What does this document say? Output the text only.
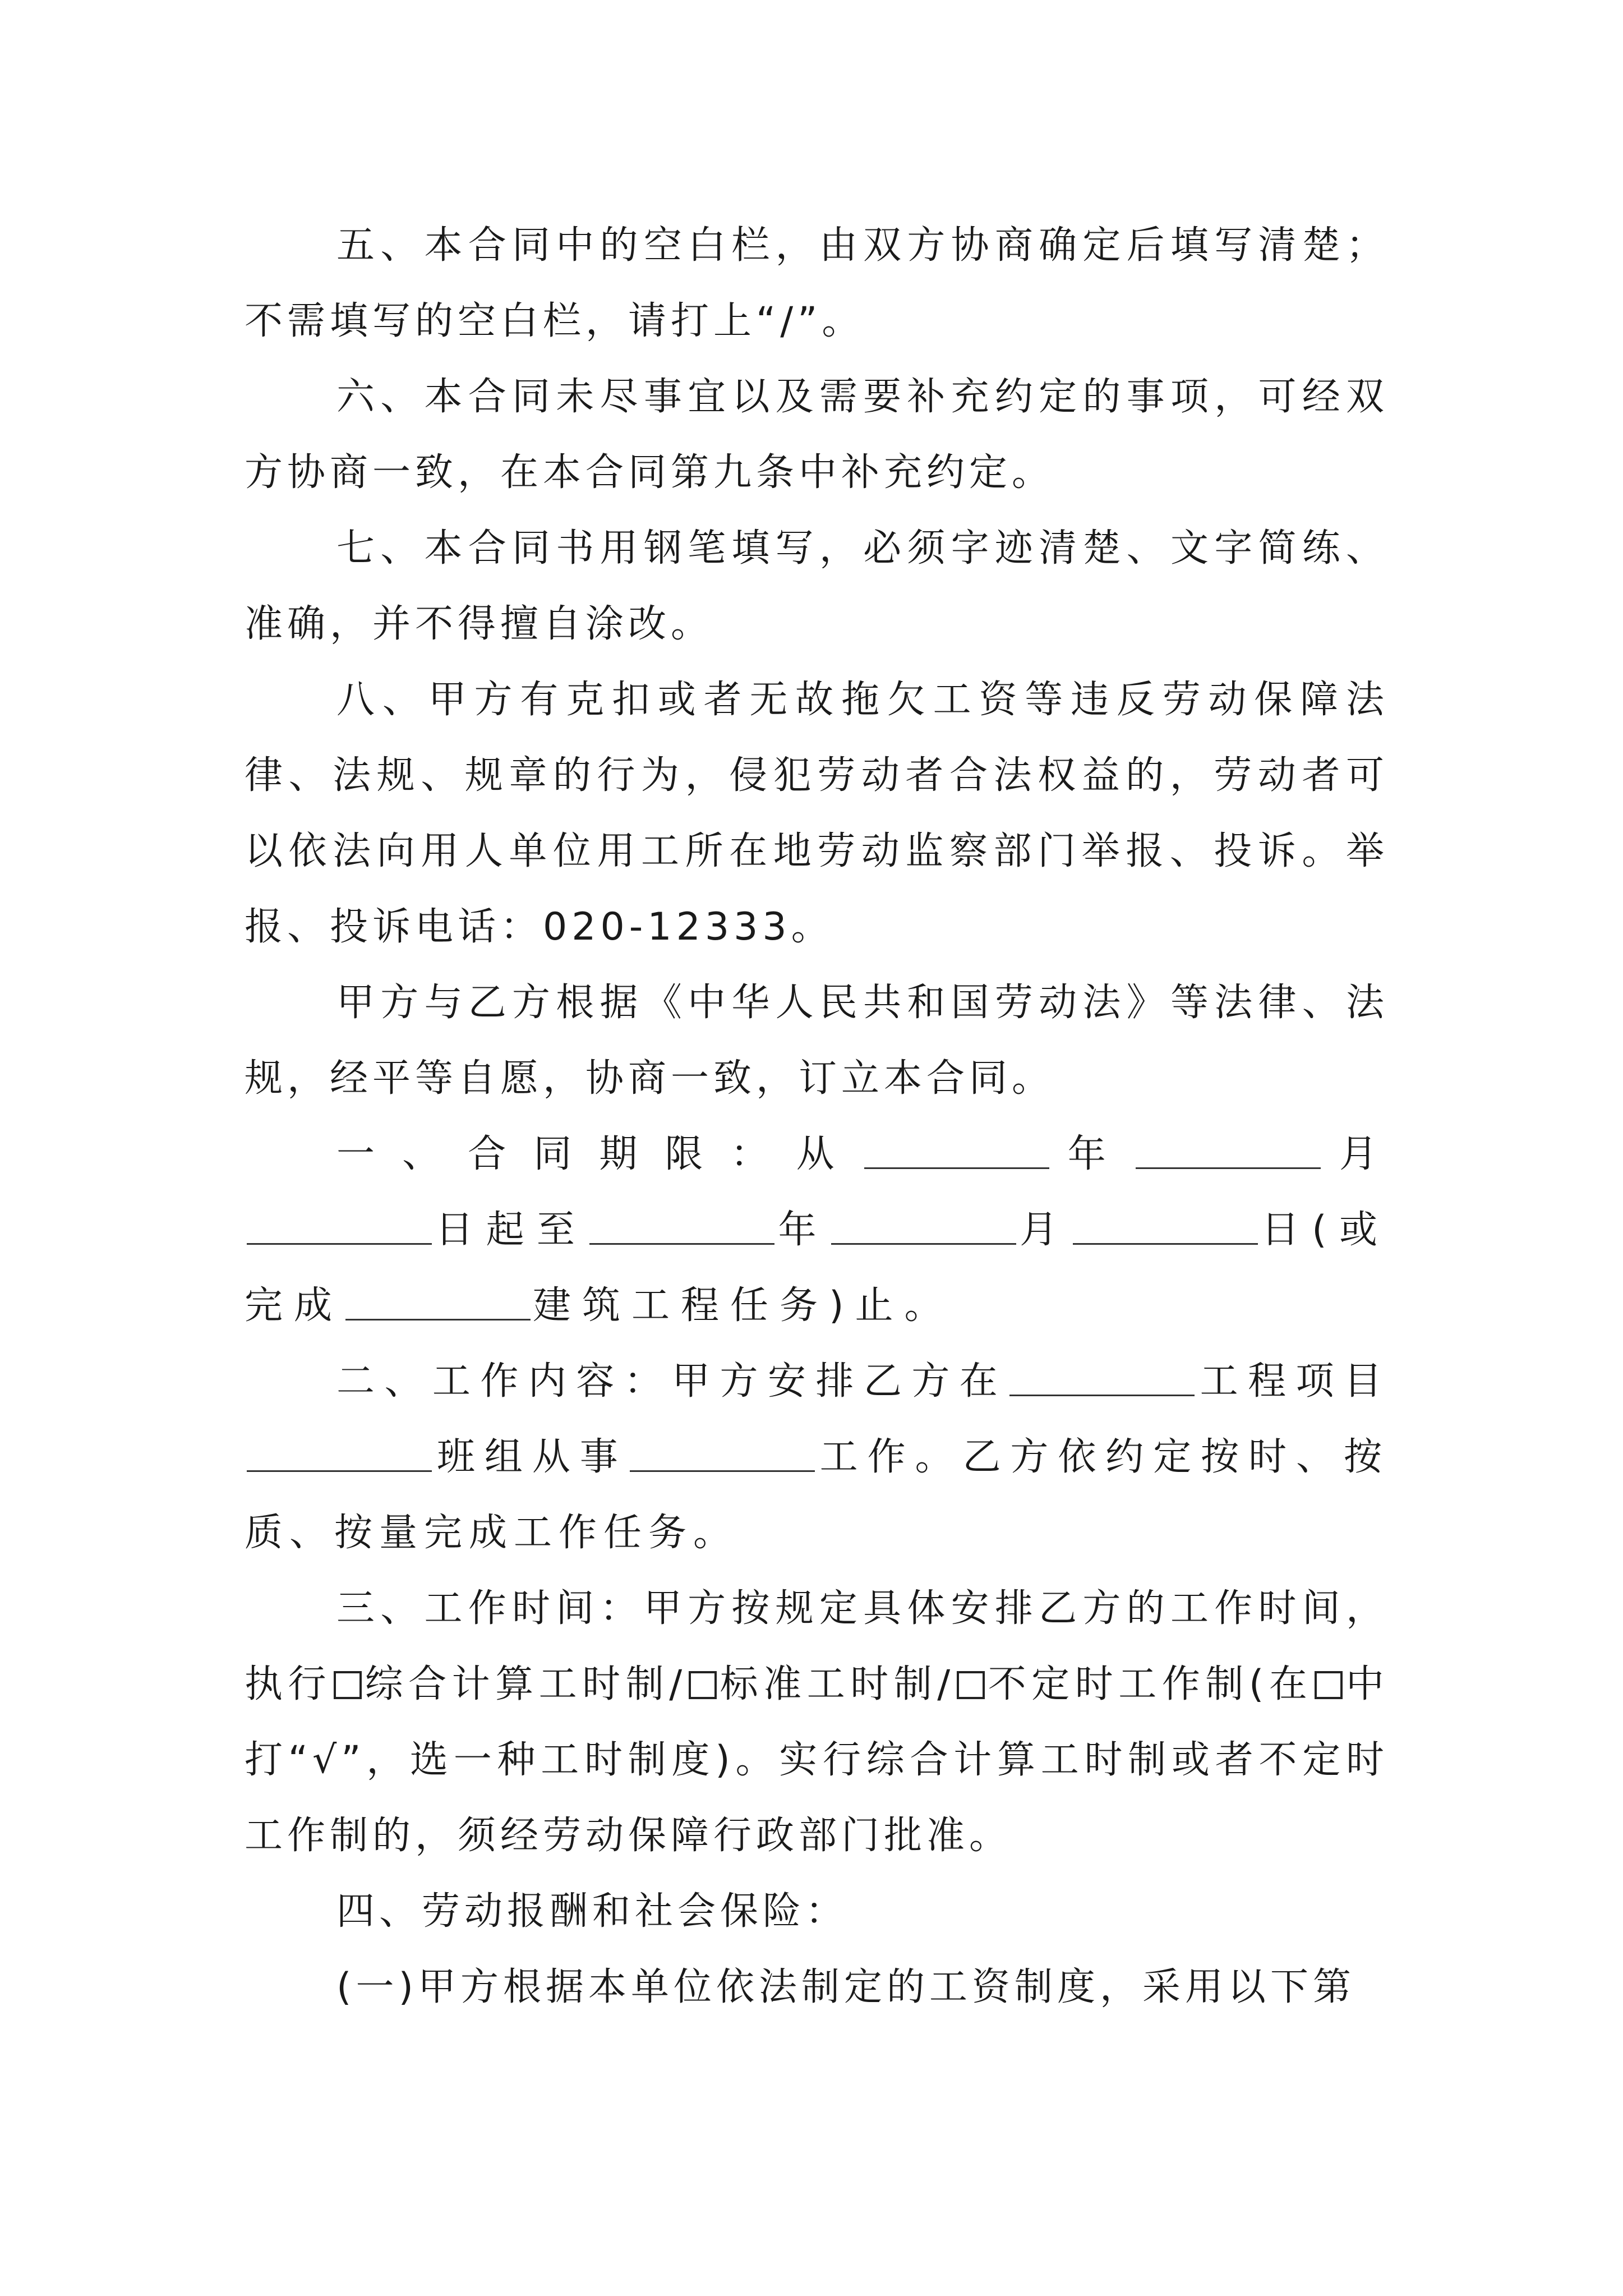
五、本合同中的空白栏，由双方协商确定后填写清楚；不需填写的空白栏，请打上“/”。

六、本合同未尽事宜以及需要补充约定的事项，可经双方协商一致，在本合同第九条中补充约定。

七、本合同书用钢笔填写，必须字迹清楚、文字简练、准确，并不得擅自涂改。

八、甲方有克扣或者无故拖欠工资等违反劳动保障法律、法规、规章的行为，侵犯劳动者合法权益的，劳动者可以依法向用人单位用工所在地劳动监察部门举报、投诉。举报、投诉电话：020-12333。

甲方与乙方根据《中华人民共和国劳动法》等法律、法规，经平等自愿，协商一致，订立本合同。

一、合同期限：从	年	月日起至	年	月	日(或完成	建筑工程任务)止。

二、工作内容：甲方安排乙方在	工程项目班组从事	工作。乙方依约定按时、按质、按量完成工作任务。

三、工作时间：甲方按规定具体安排乙方的工作时间，执行 综合计算工时制/ 标准工时制/ 不定时工作制(在 中打“√”，选一种工时制度)。实行综合计算工时制或者不定时工作制的，须经劳动保障行政部门批准。

四、劳动报酬和社会保险：

(一)甲方根据本单位依法制定的工资制度，采用以下第
